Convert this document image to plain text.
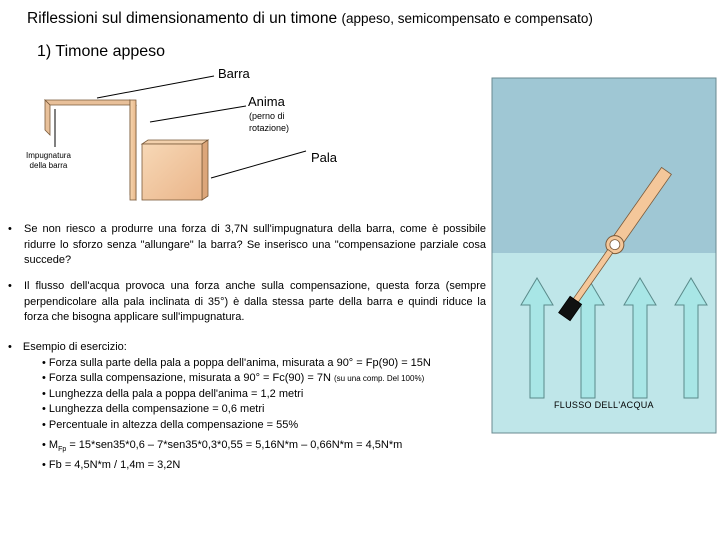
Riflessioni sul dimensionamento di un timone (appeso, semicompensato e compensato)
1) Timone appeso
Barra
Anima
(perno di
rotazione)
Impugnatura
della barra
Pala
• Se non riesco a produrre una forza di 3,7N sull'impugnatura della barra, come è possibile ridurre lo sforzo senza "allungare" la barra? Se inserisco una "compensazione parziale cosa succede?
• Il flusso dell'acqua provoca una forza anche sulla compensazione, questa forza (sempre perpendicolare alla pala inclinata di 35°) è dalla stessa parte della barra e quindi riduce la forza che bisogna applicare sull'impugnatura.
• Esempio di esercizio:
• Forza sulla parte della pala a poppa dell'anima, misurata a 90° = Fp(90) = 15N
• Forza sulla compensazione, misurata a 90° = Fc(90) = 7N (su una comp. Del 100%)
• Lunghezza della pala a poppa dell'anima = 1,2 metri
• Lunghezza della compensazione = 0,6 metri
• Percentuale in altezza della compensazione = 55%
• $M_{Fp} = 15*sen35*0,6 - 7*sen35*0,3*0,55 = 5,16N*m - 0,66N*m = 4,5N*m$
• Fb = 4,5N*m / 1,4m = 3,2N
FLUSSO DELL'ACQUA
